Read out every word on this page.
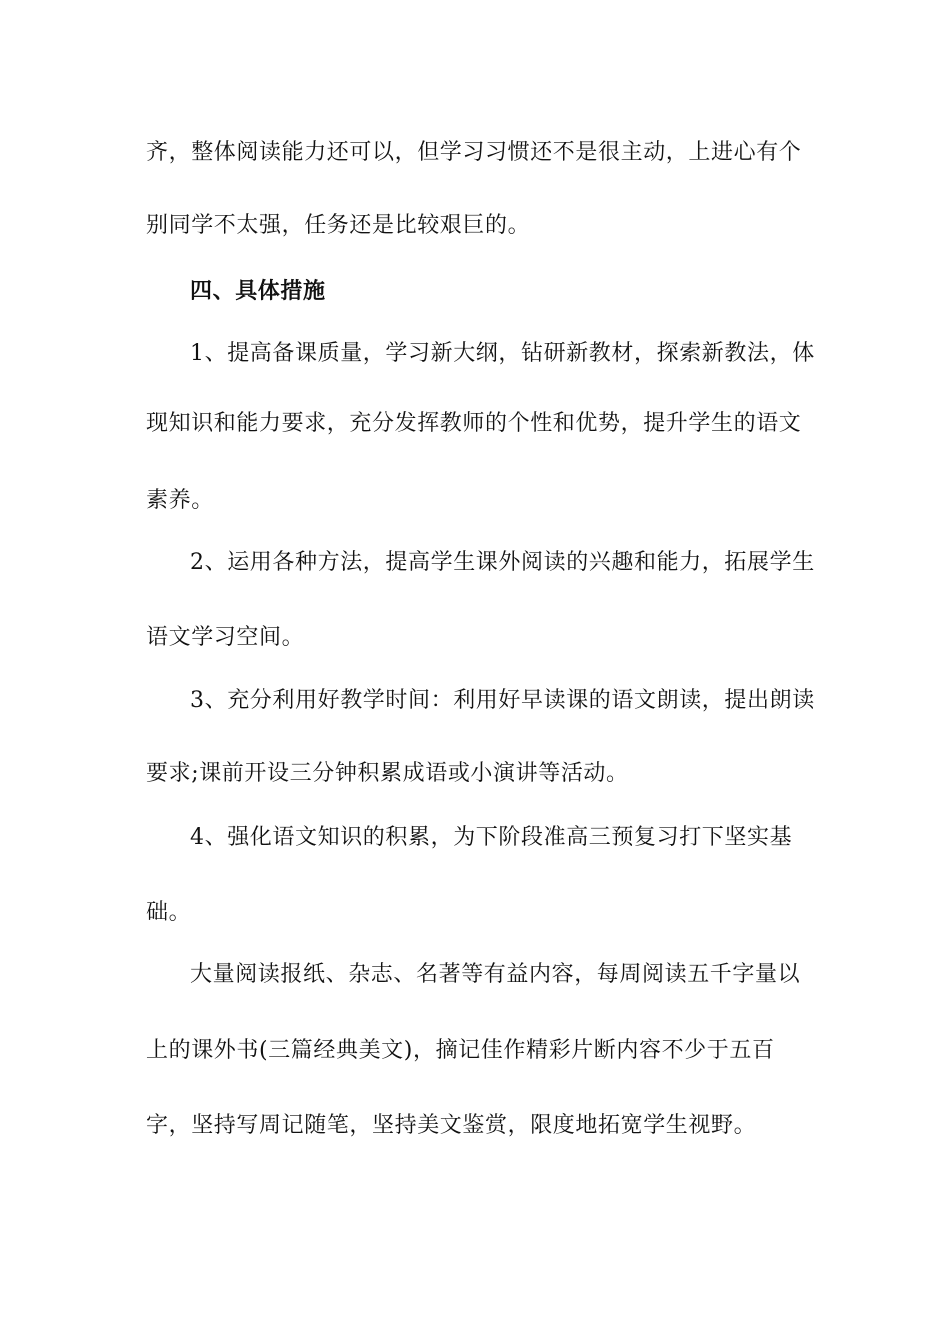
齐，整体阅读能力还可以，但学习习惯还不是很主动，上进心有个
别同学不太强，任务还是比较艰巨的。
四、具体措施
1、提高备课质量，学习新大纲，钻研新教材，探索新教法，体
现知识和能力要求，充分发挥教师的个性和优势，提升学生的语文
素养。
2、运用各种方法，提高学生课外阅读的兴趣和能力，拓展学生
语文学习空间。
3、充分利用好教学时间：利用好早读课的语文朗读，提出朗读
要求;课前开设三分钟积累成语或小演讲等活动。
4、强化语文知识的积累，为下阶段准高三预复习打下坚实基
础。
大量阅读报纸、杂志、名著等有益内容，每周阅读五千字量以
上的课外书(三篇经典美文)，摘记佳作精彩片断内容不少于五百
字，坚持写周记随笔，坚持美文鉴赏，限度地拓宽学生视野。
